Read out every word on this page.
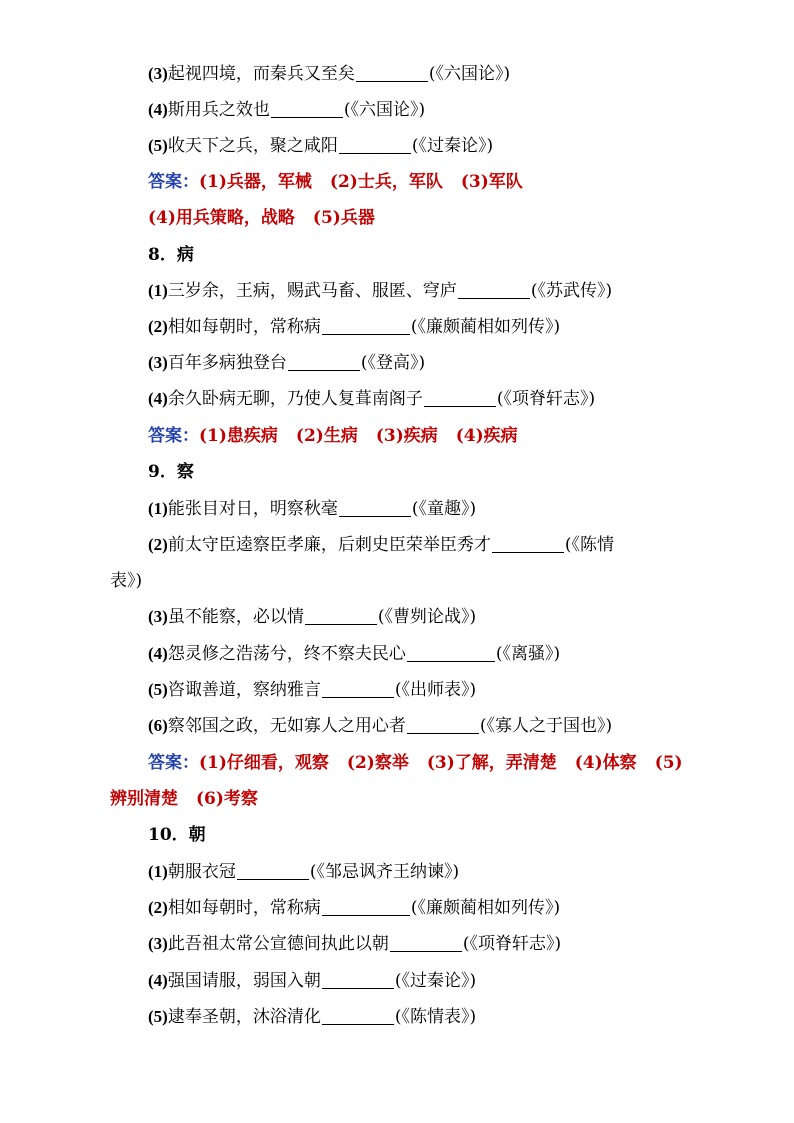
(3)起视四境，而秦兵又至矣	(《六国论》)
(4)斯用兵之效也	(《六国论》)
(5)收天下之兵，聚之咸阳	(《过秦论》)
答案：(1)兵器，军械 (2)士兵，军队 (3)军队
(4)用兵策略，战略 (5)兵器
8．病
(1)三岁余，王病，赐武马畜、服匿、穹庐	(《苏武传》)
(2)相如每朝时，常称病	(《廉颇蔺相如列传》)
(3)百年多病独登台	(《登高》)
(4)余久卧病无聊，乃使人复葺南阁子	(《项脊轩志》)
答案：(1)患疾病 (2)生病 (3)疾病 (4)疾病
9．察
(1)能张目对日，明察秋毫	(《童趣》)
(2)前太守臣逵察臣孝廉，后刺史臣荣举臣秀才	(《陈情
表》)
(3)虽不能察，必以情	(《曹刿论战》)
(4)怨灵修之浩荡兮，终不察夫民心	(《离骚》)
(5)咨诹善道，察纳雅言	(《出师表》)
(6)察邻国之政，无如寡人之用心者	(《寡人之于国也》)
答案：(1)仔细看，观察 (2)察举 (3)了解，弄清楚 (4)体察 (5)
辨别清楚 (6)考察
10．朝
(1)朝服衣冠	(《邹忌讽齐王纳谏》)
(2)相如每朝时，常称病	(《廉颇蔺相如列传》)
(3)此吾祖太常公宣德间执此以朝	(《项脊轩志》)
(4)强国请服，弱国入朝	(《过秦论》)
(5)逮奉圣朝，沐浴清化	(《陈情表》)
